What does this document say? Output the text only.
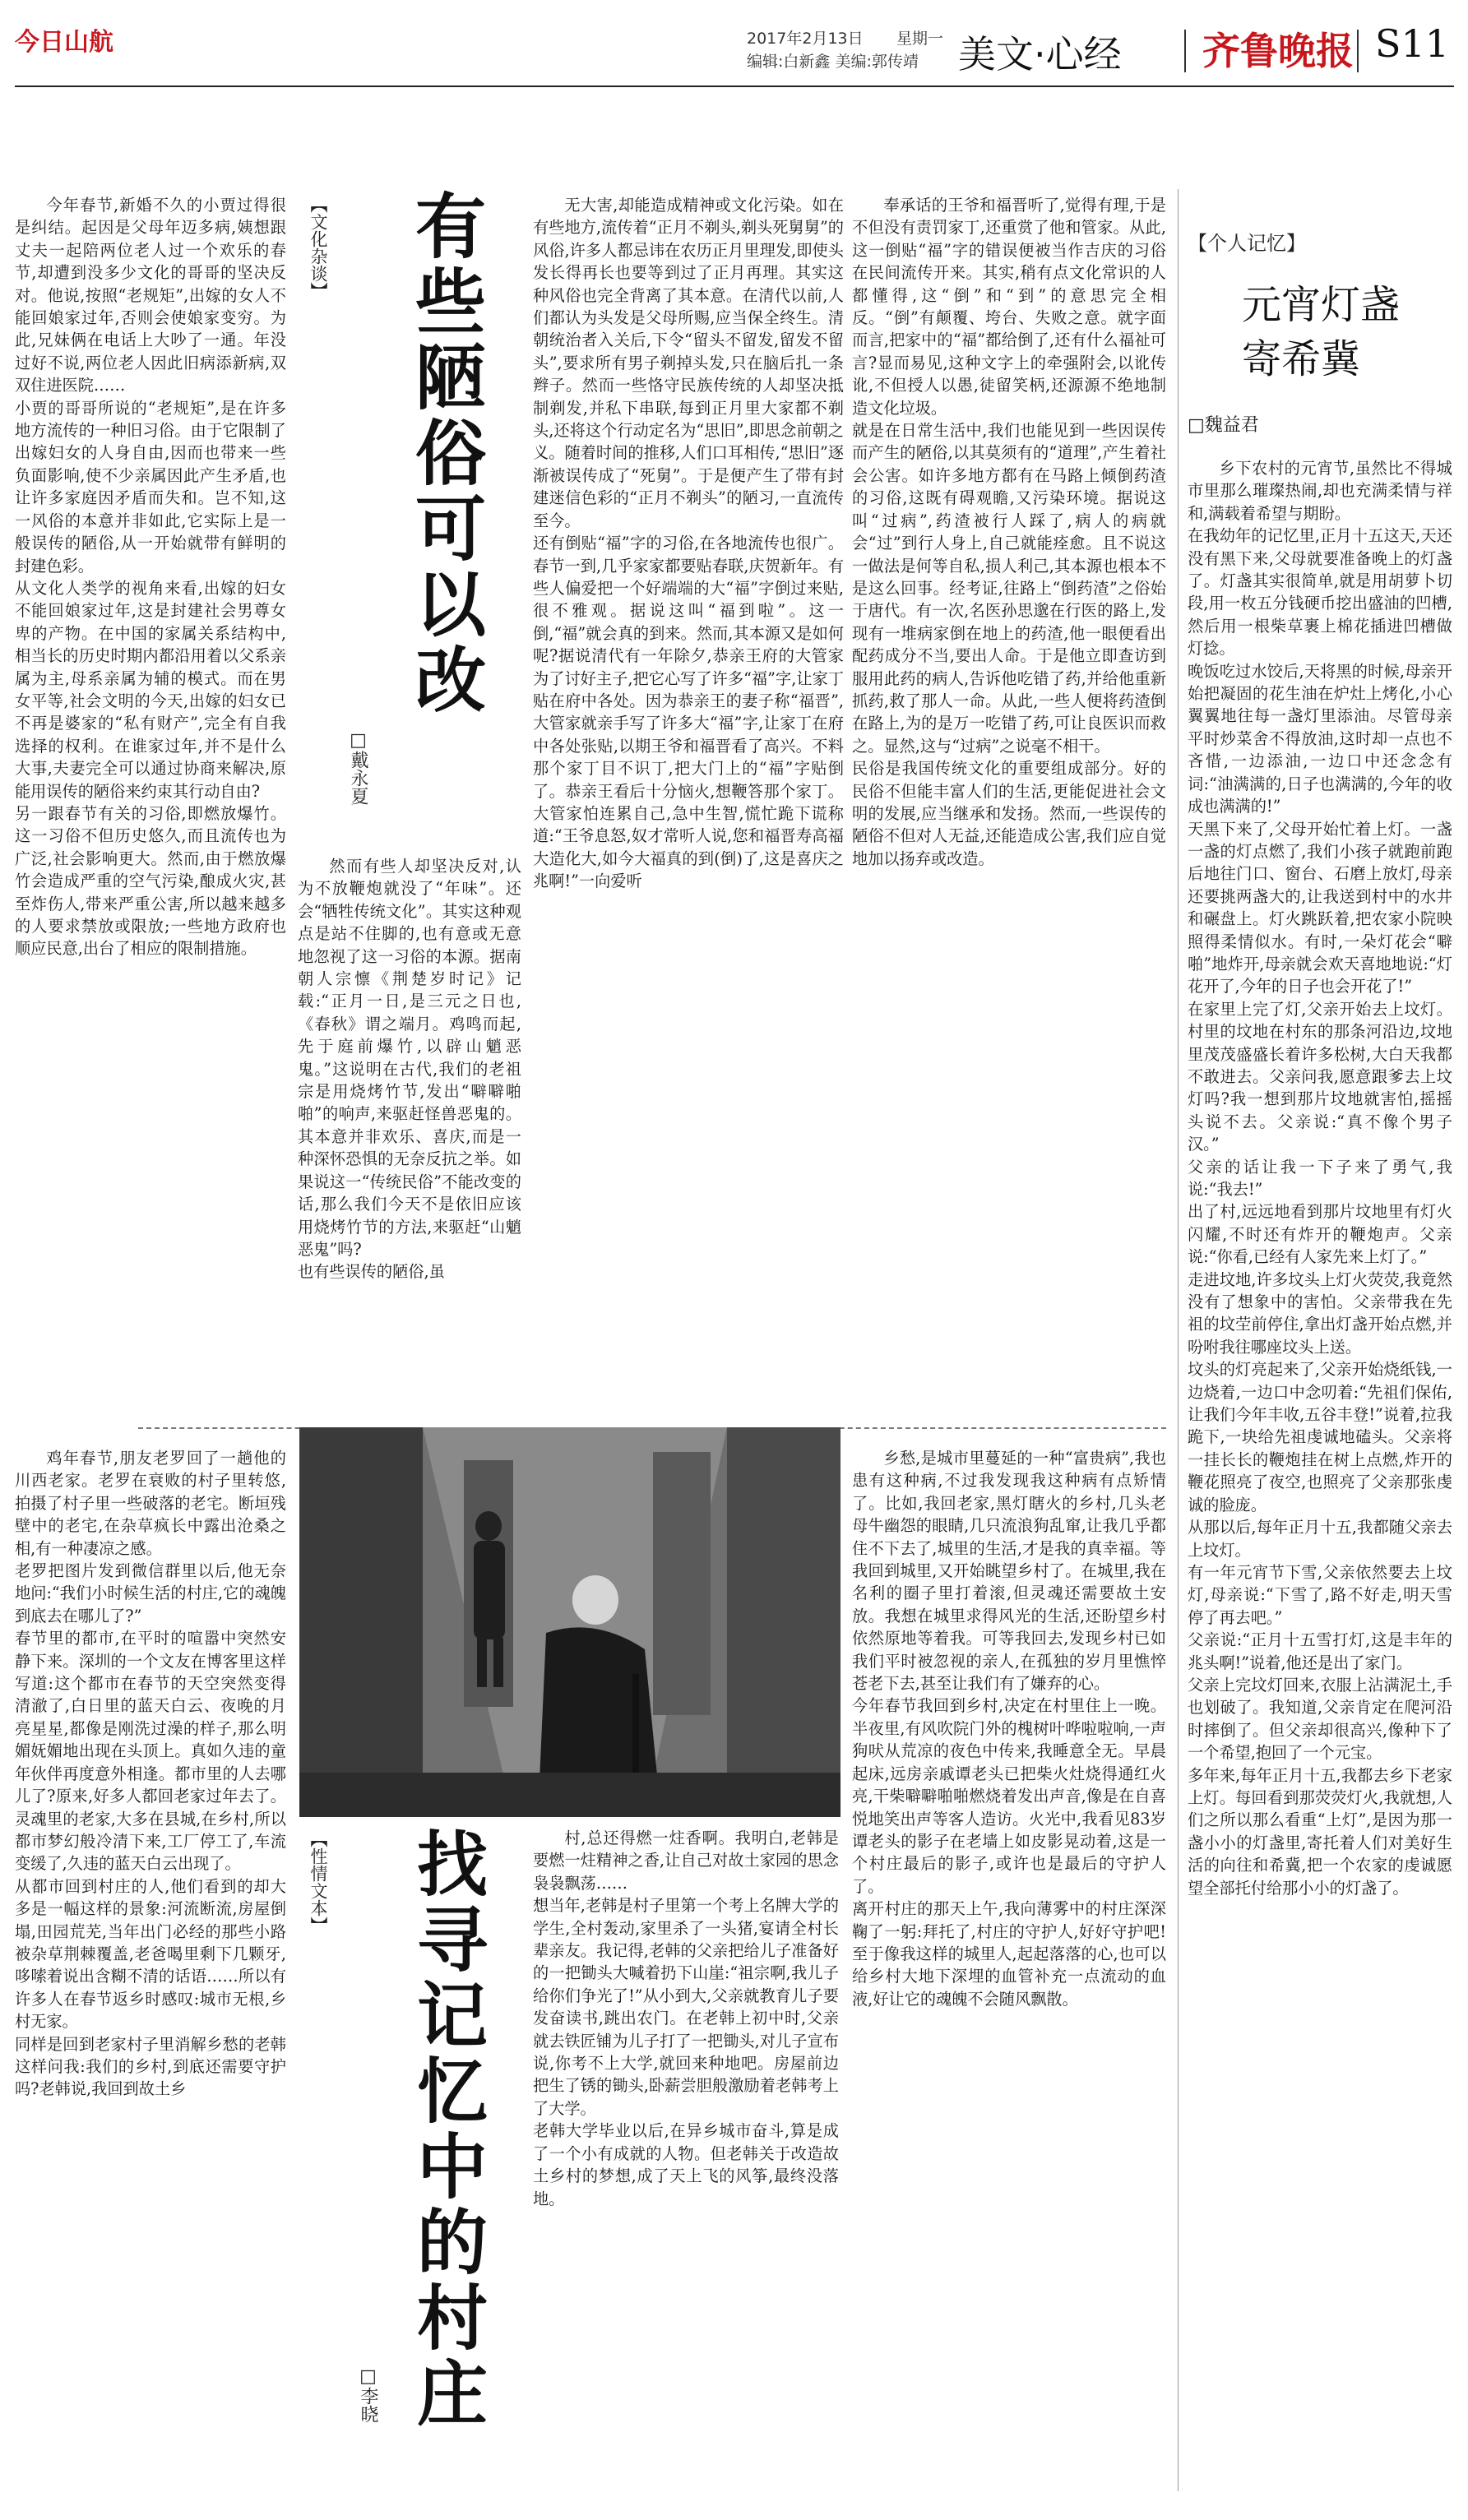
今日山航	2017年2月13日 星期一
编辑:白新鑫 美编:郭传靖 美文·心经 齐鲁晚报 S11
【文化杂谈】 有些陋俗可以改
□戴永夏
今年春节,新婚不久的小贾过得很是纠结。起因是父母年迈多病,姨想跟丈夫一起陪两位老人过一个欢乐的春节,却遭到没多少文化的哥哥的坚决反对。他说,按照“老规矩”,出嫁的女人不能回娘家过年,否则会使娘家变穷。为此,兄妹俩在电话上大吵了一通。年没过好不说,两位老人因此旧病添新病,双双住进医院……
小贾的哥哥所说的“老规矩”,是在许多地方流传的一种旧习俗。由于它限制了出嫁妇女的人身自由,因而也带来一些负面影响,使不少亲属因此产生矛盾,也让许多家庭因矛盾而失和。岂不知,这一风俗的本意并非如此,它实际上是一般误传的陋俗,从一开始就带有鲜明的封建色彩。
从文化人类学的视角来看,出嫁的妇女不能回娘家过年,这是封建社会男尊女卑的产物。在中国的家属关系结构中,相当长的历史时期内都沿用着以父系亲属为主,母系亲属为辅的模式。而在男女平等,社会文明的今天,出嫁的妇女已不再是婆家的“私有财产”,完全有自我选择的权利。在谁家过年,并不是什么大事,夫妻完全可以通过协商来解决,原能用误传的陋俗来约束其行动自由?
另一跟春节有关的习俗,即燃放爆竹。这一习俗不但历史悠久,而且流传也为广泛,社会影响更大。然而,由于燃放爆竹会造成严重的空气污染,酿成火灾,甚至炸伤人,带来严重公害,所以越来越多的人要求禁放或限放;一些地方政府也顺应民意,出台了相应的限制措施。
无大害,却能造成精神或文化污染。如在有些地方,流传着“正月不剃头,剃头死舅舅”的风俗,许多人都忌讳在农历正月里理发,即使头发长得再长也要等到过了正月再理。其实这种风俗也完全背离了其本意。在清代以前,人们都认为头发是父母所赐,应当保全终生。清朝统治者入关后,下令“留头不留发,留发不留头”,要求所有男子剃掉头发,只在脑后扎一条辫子。然而一些恪守民族传统的人却坚决抵制剃发,并私下串联,每到正月里大家都不剃头,还将这个行动定名为“思旧”,即思念前朝之义。随着时间的推移,人们口耳相传,“思旧”逐渐被误传成了“死舅”。于是便产生了带有封建迷信色彩的“正月不剃头”的陋习,一直流传至今。
还有倒贴“福”字的习俗,在各地流传也很广。春节一到,几乎家家都要贴春联,庆贺新年。有些人偏爱把一个好端端的大“福”字倒过来贴,很不雅观。据说这叫“福到啦”。这一倒,“福”就会真的到来。然而,其本源又是如何呢?据说清代有一年除夕,恭亲王府的大管家为了讨好主子,把它心写了许多“福”字,让家丁贴在府中各处。因为恭亲王的妻子称“福晋”,大管家就亲手写了许多大“福”字,让家丁在府中各处张贴,以期王爷和福晋看了高兴。不料那个家丁目不识丁,把大门上的“福”字贴倒了。恭亲王看后十分恼火,想鞭答那个家丁。大管家怕连累自己,急中生智,慌忙跪下谎称道:“王爷息怒,奴才常听人说,您和福晋寿高福大造化大,如今大福真的到(倒)了,这是喜庆之兆啊!”一向爱听
然而有些人却坚决反对,认为不放鞭炮就没了“年味”。还会“牺牲传统文化”。其实这种观点是站不住脚的,也有意或无意地忽视了这一习俗的本源。据南朝人宗懔《荆楚岁时记》记载:“正月一日,是三元之日也,《春秋》谓之端月。鸡鸣而起,先于庭前爆竹,以辟山魈恶鬼。”这说明在古代,我们的老祖宗是用烧烤竹节,发出“噼噼啪啪”的响声,来驱赶怪兽恶鬼的。其本意并非欢乐、喜庆,而是一种深怀恐惧的无奈反抗之举。如果说这一“传统民俗”不能改变的话,那么我们今天不是依旧应该用烧烤竹节的方法,来驱赶“山魈恶鬼”吗?
也有些误传的陋俗,虽
奉承话的王爷和福晋听了,觉得有理,于是不但没有责罚家丁,还重赏了他和管家。从此,这一倒贴“福”字的错误便被当作吉庆的习俗在民间流传开来。其实,稍有点文化常识的人都懂得,这“倒”和“到”的意思完全相反。“倒”有颠覆、垮台、失败之意。就字面而言,把家中的“福”都给倒了,还有什么福祉可言?显而易见,这种文字上的牵强附会,以讹传讹,不但授人以愚,徒留笑柄,还源源不绝地制造文化垃圾。
就是在日常生活中,我们也能见到一些因误传而产生的陋俗,以其莫须有的“道理”,产生着社会公害。如许多地方都有在马路上倾倒药渣的习俗,这既有碍观瞻,又污染环境。据说这叫“过病”,药渣被行人踩了,病人的病就会“过”到行人身上,自己就能痊愈。且不说这一做法是何等自私,损人利己,其本源也根本不是这么回事。经考证,往路上“倒药渣”之俗始于唐代。有一次,名医孙思邈在行医的路上,发现有一堆病家倒在地上的药渣,他一眼便看出配药成分不当,要出人命。于是他立即查访到服用此药的病人,告诉他吃错了药,并给他重新抓药,救了那人一命。从此,一些人便将药渣倒在路上,为的是万一吃错了药,可让良医识而救之。显然,这与“过病”之说毫不相干。
民俗是我国传统文化的重要组成部分。好的民俗不但能丰富人们的生活,更能促进社会文明的发展,应当继承和发扬。然而,一些误传的陋俗不但对人无益,还能造成公害,我们应自觉地加以扬弃或改造。
【个人记忆】
元宵灯盏
寄希冀
□魏益君
乡下农村的元宵节,虽然比不得城市里那么璀璨热闹,却也充满柔情与祥和,满载着希望与期盼。
在我幼年的记忆里,正月十五这天,天还没有黑下来,父母就要准备晚上的灯盏了。灯盏其实很简单,就是用胡萝卜切段,用一枚五分钱硬币挖出盛油的凹槽,然后用一根柴草裹上棉花插进凹槽做灯捻。
晚饭吃过水饺后,天将黑的时候,母亲开始把凝固的花生油在炉灶上烤化,小心翼翼地往每一盏灯里添油。尽管母亲平时炒菜舍不得放油,这时却一点也不吝惜,一边添油,一边口中还念念有词:“油满满的,日子也满满的,今年的收成也满满的!”
天黑下来了,父母开始忙着上灯。一盏一盏的灯点燃了,我们小孩子就跑前跑后地往门口、窗台、石磨上放灯,母亲还要挑两盏大的,让我送到村中的水井和碾盘上。灯火跳跃着,把农家小院映照得柔情似水。有时,一朵灯花会“噼啪”地炸开,母亲就会欢天喜地地说:“灯花开了,今年的日子也会开花了!”
在家里上完了灯,父亲开始去上坟灯。村里的坟地在村东的那条河沿边,坟地里茂茂盛盛长着许多松树,大白天我都不敢进去。父亲问我,愿意跟爹去上坟灯吗?我一想到那片坟地就害怕,摇摇头说不去。父亲说:“真不像个男子汉。”
父亲的话让我一下子来了勇气,我说:“我去!”
出了村,远远地看到那片坟地里有灯火闪耀,不时还有炸开的鞭炮声。父亲说:“你看,已经有人家先来上灯了。”
走进坟地,许多坟头上灯火荧荧,我竟然没有了想象中的害怕。父亲带我在先祖的坟茔前停住,拿出灯盏开始点燃,并吩咐我往哪座坟头上送。
坟头的灯亮起来了,父亲开始烧纸钱,一边烧着,一边口中念叨着:“先祖们保佑,让我们今年丰收,五谷丰登!”说着,拉我跪下,一块给先祖虔诚地磕头。父亲将一挂长长的鞭炮挂在树上点燃,炸开的鞭花照亮了夜空,也照亮了父亲那张虔诚的脸庞。
从那以后,每年正月十五,我都随父亲去上坟灯。
有一年元宵节下雪,父亲依然要去上坟灯,母亲说:“下雪了,路不好走,明天雪停了再去吧。”
父亲说:“正月十五雪打灯,这是丰年的兆头啊!”说着,他还是出了家门。
父亲上完坟灯回来,衣服上沾满泥土,手也划破了。我知道,父亲肯定在爬河沿时摔倒了。但父亲却很高兴,像种下了一个希望,抱回了一个元宝。
多年来,每年正月十五,我都去乡下老家上灯。每回看到那荧荧灯火,我就想,人们之所以那么看重“上灯”,是因为那一盏小小的灯盏里,寄托着人们对美好生活的向往和希冀,把一个农家的虔诚愿望全部托付给那小小的灯盏了。
【性情文本】 找寻记忆中的村庄
□李晓
鸡年春节,朋友老罗回了一趟他的川西老家。老罗在衰败的村子里转悠,拍摄了村子里一些破落的老宅。断垣残壁中的老宅,在杂草疯长中露出沧桑之相,有一种凄凉之感。
老罗把图片发到微信群里以后,他无奈地问:“我们小时候生活的村庄,它的魂魄到底去在哪儿了?”
春节里的都市,在平时的喧嚣中突然安静下来。深圳的一个文友在博客里这样写道:这个都市在春节的天空突然变得清澈了,白日里的蓝天白云、夜晚的月亮星星,都像是刚洗过澡的样子,那么明媚妩媚地出现在头顶上。真如久违的童年伙伴再度意外相逢。都市里的人去哪儿了?原来,好多人都回老家过年去了。灵魂里的老家,大多在县城,在乡村,所以都市梦幻般冷清下来,工厂停工了,车流变缓了,久违的蓝天白云出现了。
从都市回到村庄的人,他们看到的却大多是一幅这样的景象:河流断流,房屋倒塌,田园荒芜,当年出门必经的那些小路被杂草荆棘覆盖,老爸喝里剩下几颗牙,哆嗦着说出含糊不清的话语……所以有许多人在春节返乡时感叹:城市无根,乡村无家。
同样是回到老家村子里消解乡愁的老韩这样问我:我们的乡村,到底还需要守护吗?老韩说,我回到故土乡
村,总还得燃一炷香啊。我明白,老韩是要燃一炷精神之香,让自己对故土家园的思念袅袅飘荡……
想当年,老韩是村子里第一个考上名牌大学的学生,全村轰动,家里杀了一头猪,宴请全村长辈亲友。我记得,老韩的父亲把给儿子准备好的一把锄头大喊着扔下山崖:“祖宗啊,我儿子给你们争光了!”从小到大,父亲就教育儿子要发奋读书,跳出农门。在老韩上初中时,父亲就去铁匠铺为儿子打了一把锄头,对儿子宣布说,你考不上大学,就回来种地吧。房屋前边把生了锈的锄头,卧薪尝胆般激励着老韩考上了大学。
老韩大学毕业以后,在异乡城市奋斗,算是成了一个小有成就的人物。但老韩关于改造故土乡村的梦想,成了天上飞的风筝,最终没落地。
乡愁,是城市里蔓延的一种“富贵病”,我也患有这种病,不过我发现我这种病有点矫情了。比如,我回老家,黑灯瞎火的乡村,几头老母牛幽怨的眼睛,几只流浪狗乱窜,让我几乎都住不下去了,城里的生活,才是我的真幸福。等我回到城里,又开始眺望乡村了。在城里,我在名利的圈子里打着滚,但灵魂还需要故土安放。我想在城里求得风光的生活,还盼望乡村依然原地等着我。可等我回去,发现乡村已如我们平时被忽视的亲人,在孤独的岁月里憔悴苍老下去,甚至让我们有了嫌弃的心。
今年春节我回到乡村,决定在村里住上一晚。半夜里,有风吹院门外的槐树叶哗啦啦响,一声狗吠从荒凉的夜色中传来,我睡意全无。早晨起床,远房亲戚谭老头已把柴火灶烧得通红火亮,干柴噼噼啪啪燃烧着发出声音,像是在自喜悦地笑出声等客人造访。火光中,我看见83岁谭老头的影子在老墙上如皮影晃动着,这是一个村庄最后的影子,或许也是最后的守护人了。
离开村庄的那天上午,我向薄雾中的村庄深深鞠了一躬:拜托了,村庄的守护人,好好守护吧!至于像我这样的城里人,起起落落的心,也可以给乡村大地下深埋的血管补充一点流动的血液,好让它的魂魄不会随风飘散。
